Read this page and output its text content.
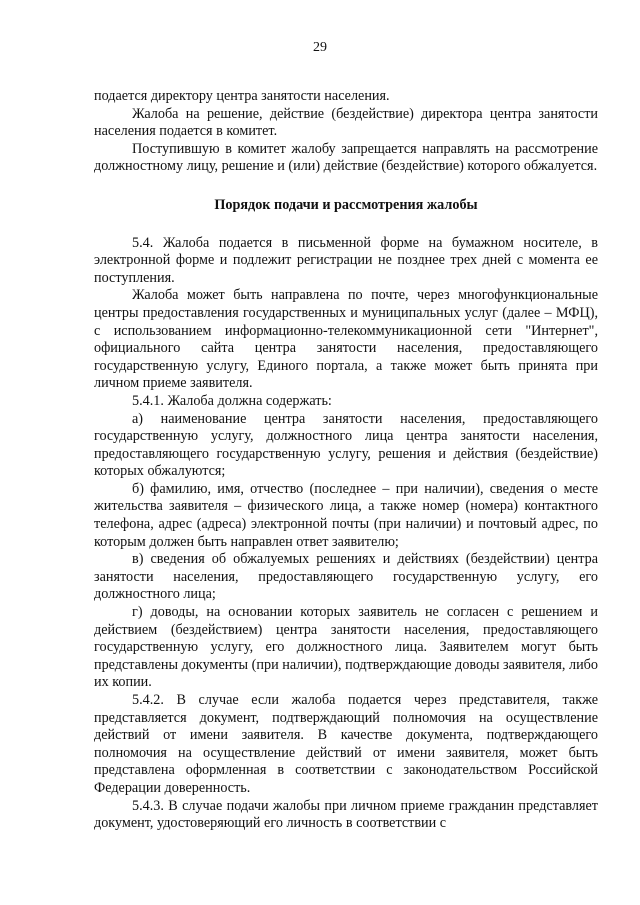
29

подается директору центра занятости населения.

Жалоба на решение, действие (бездействие) директора центра занятости населения подается в комитет.

Поступившую в комитет жалобу запрещается направлять на рассмотрение должностному лицу, решение и (или) действие (бездействие) которого обжалуется.

Порядок подачи и рассмотрения жалобы

5.4. Жалоба подается в письменной форме на бумажном носителе, в электронной форме и подлежит регистрации не позднее трех дней с момента ее поступления.

Жалоба может быть направлена по почте, через многофункциональные центры предоставления государственных и муниципальных услуг (далее – МФЦ), с использованием информационно-телекоммуникационной сети "Интернет", официального сайта центра занятости населения, предоставляющего государственную услугу, Единого портала, а также может быть принята при личном приеме заявителя.

5.4.1. Жалоба должна содержать:

а) наименование центра занятости населения, предоставляющего государственную услугу, должностного лица центра занятости населения, предоставляющего государственную услугу, решения и действия (бездействие) которых обжалуются;

б) фамилию, имя, отчество (последнее – при наличии), сведения о месте жительства заявителя – физического лица, а также номер (номера) контактного телефона, адрес (адреса) электронной почты (при наличии) и почтовый адрес, по которым должен быть направлен ответ заявителю;

в) сведения об обжалуемых решениях и действиях (бездействии) центра занятости населения, предоставляющего государственную услугу, его должностного лица;

г) доводы, на основании которых заявитель не согласен с решением и действием (бездействием) центра занятости населения, предоставляющего государственную услугу, его должностного лица. Заявителем могут быть представлены документы (при наличии), подтверждающие доводы заявителя, либо их копии.

5.4.2. В случае если жалоба подается через представителя, также представляется документ, подтверждающий полномочия на осуществление действий от имени заявителя. В качестве документа, подтверждающего полномочия на осуществление действий от имени заявителя, может быть представлена оформленная в соответствии с законодательством Российской Федерации доверенность.

5.4.3. В случае подачи жалобы при личном приеме гражданин представляет документ, удостоверяющий его личность в соответствии с
